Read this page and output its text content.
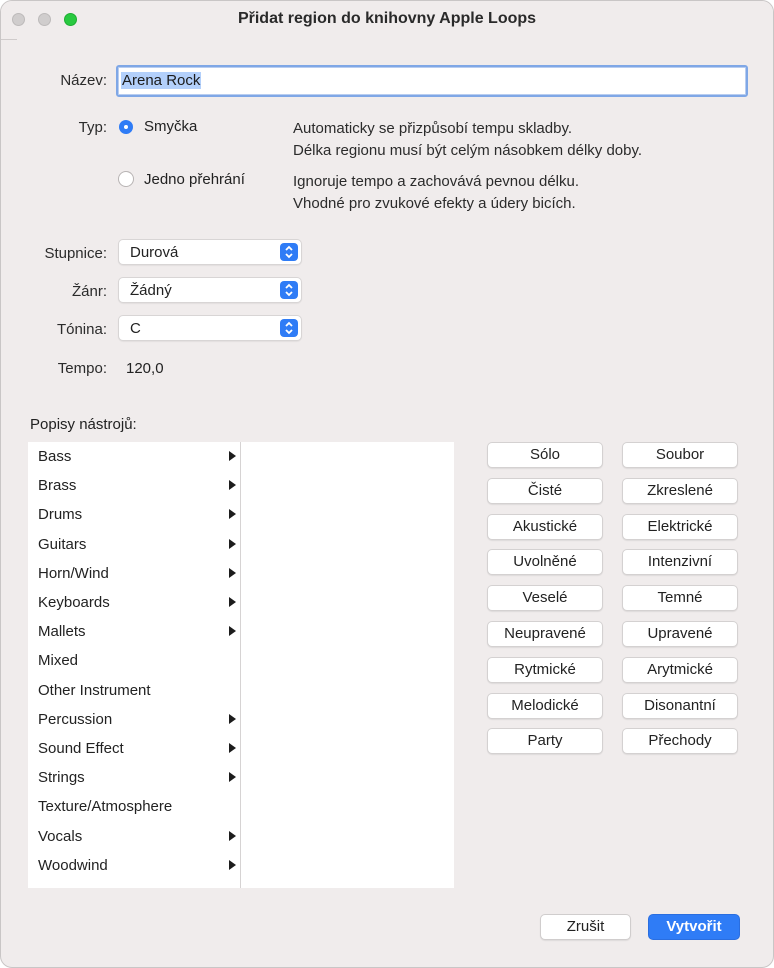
Přidat region do knihovny Apple Loops
Název: Arena Rock
Typ: Smyčka	Automaticky se přizpůsobí tempu skladby.
Délka regionu musí být celým násobkem délky doby.
Jedno přehrání	Ignoruje tempo a zachovává pevnou délku.
Vhodné pro zvukové efekty a údery bicích.
Stupnice: Durová
Žánr: Žádný
Tónina: C
Tempo: 120,0
Popisy nástrojů:
Bass
Brass
Drums
Guitars
Horn/Wind
Keyboards
Mallets
Mixed
Other Instrument
Percussion
Sound Effect
Strings
Texture/Atmosphere
Vocals
Woodwind
Sólo	Soubor
Čisté	Zkreslené
Akustické	Elektrické
Uvolněné	Intenzivní
Veselé	Temné
Neupravené	Upravené
Rytmické	Arytmické
Melodické	Disonantní
Party	Přechody
Zrušit	Vytvořit
